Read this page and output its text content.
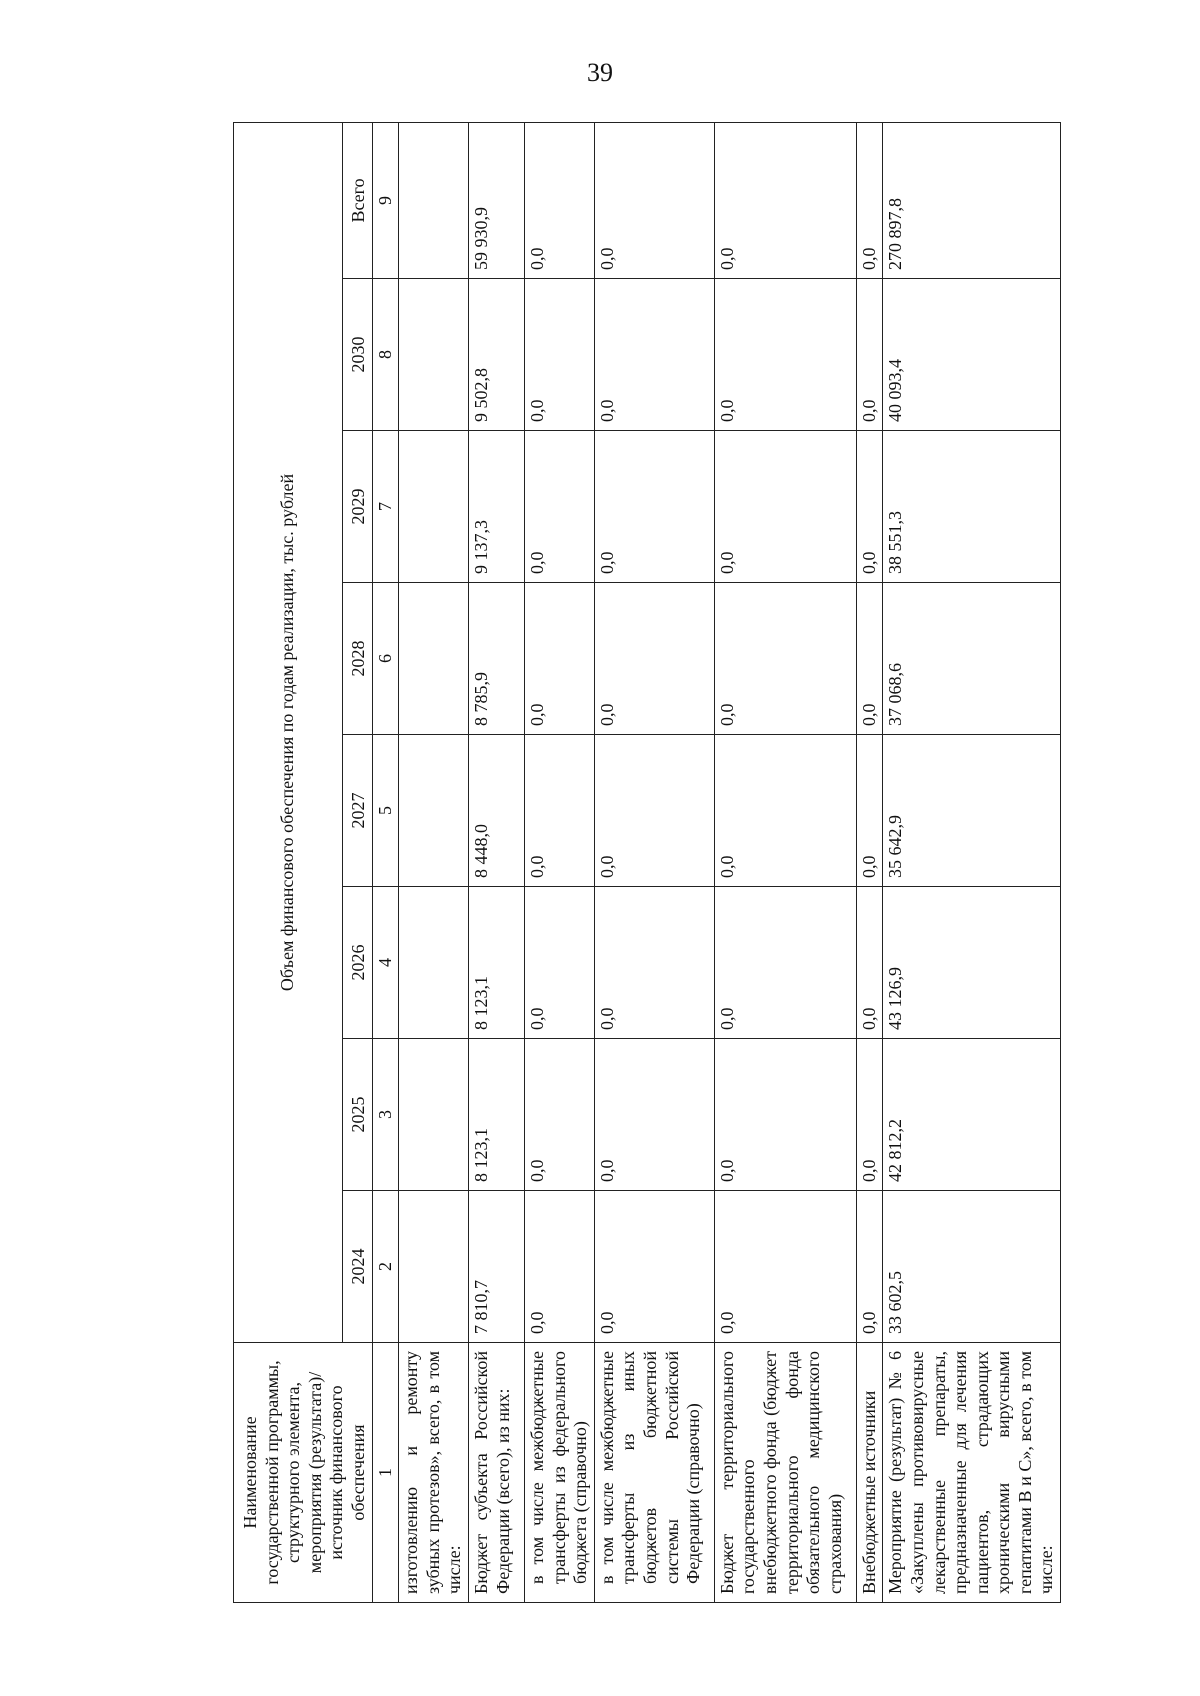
39
Наименование государственной программы, структурного элемента, мероприятия (результата)/источник финансового обеспечения	Объем финансового обеспечения по годам реализации, тыс. рублей							
	2024	2025	2026	2027	2028	2029	2030	Всего
1	2	3	4	5	6	7	8	9
изготовлению и ремонту зубных протезов», всего, в том числе:								
Бюджет субъекта Российской Федерации (всего), из них:	7 810,7	8 123,1	8 123,1	8 448,0	8 785,9	9 137,3	9 502,8	59 930,9
в том числе межбюджетные трансферты из федерального бюджета (справочно)	0,0	0,0	0,0	0,0	0,0	0,0	0,0	0,0
в том числе межбюджетные трансферты из иных бюджетов бюджетной системы Российской Федерации (справочно)	0,0	0,0	0,0	0,0	0,0	0,0	0,0	0,0
Бюджет территориального государственного внебюджетного фонда (бюджет территориального фонда обязательного медицинского страхования)	0,0	0,0	0,0	0,0	0,0	0,0	0,0	0,0
Внебюджетные источники	0,0	0,0	0,0	0,0	0,0	0,0	0,0	0,0
Мероприятие (результат) № 6 «Закуплены противовирусные лекарственные препараты, предназначенные для лечения пациентов, страдающих хроническими вирусными гепатитами В и С», всего, в том числе:	33 602,5	42 812,2	43 126,9	35 642,9	37 068,6	38 551,3	40 093,4	270 897,8
